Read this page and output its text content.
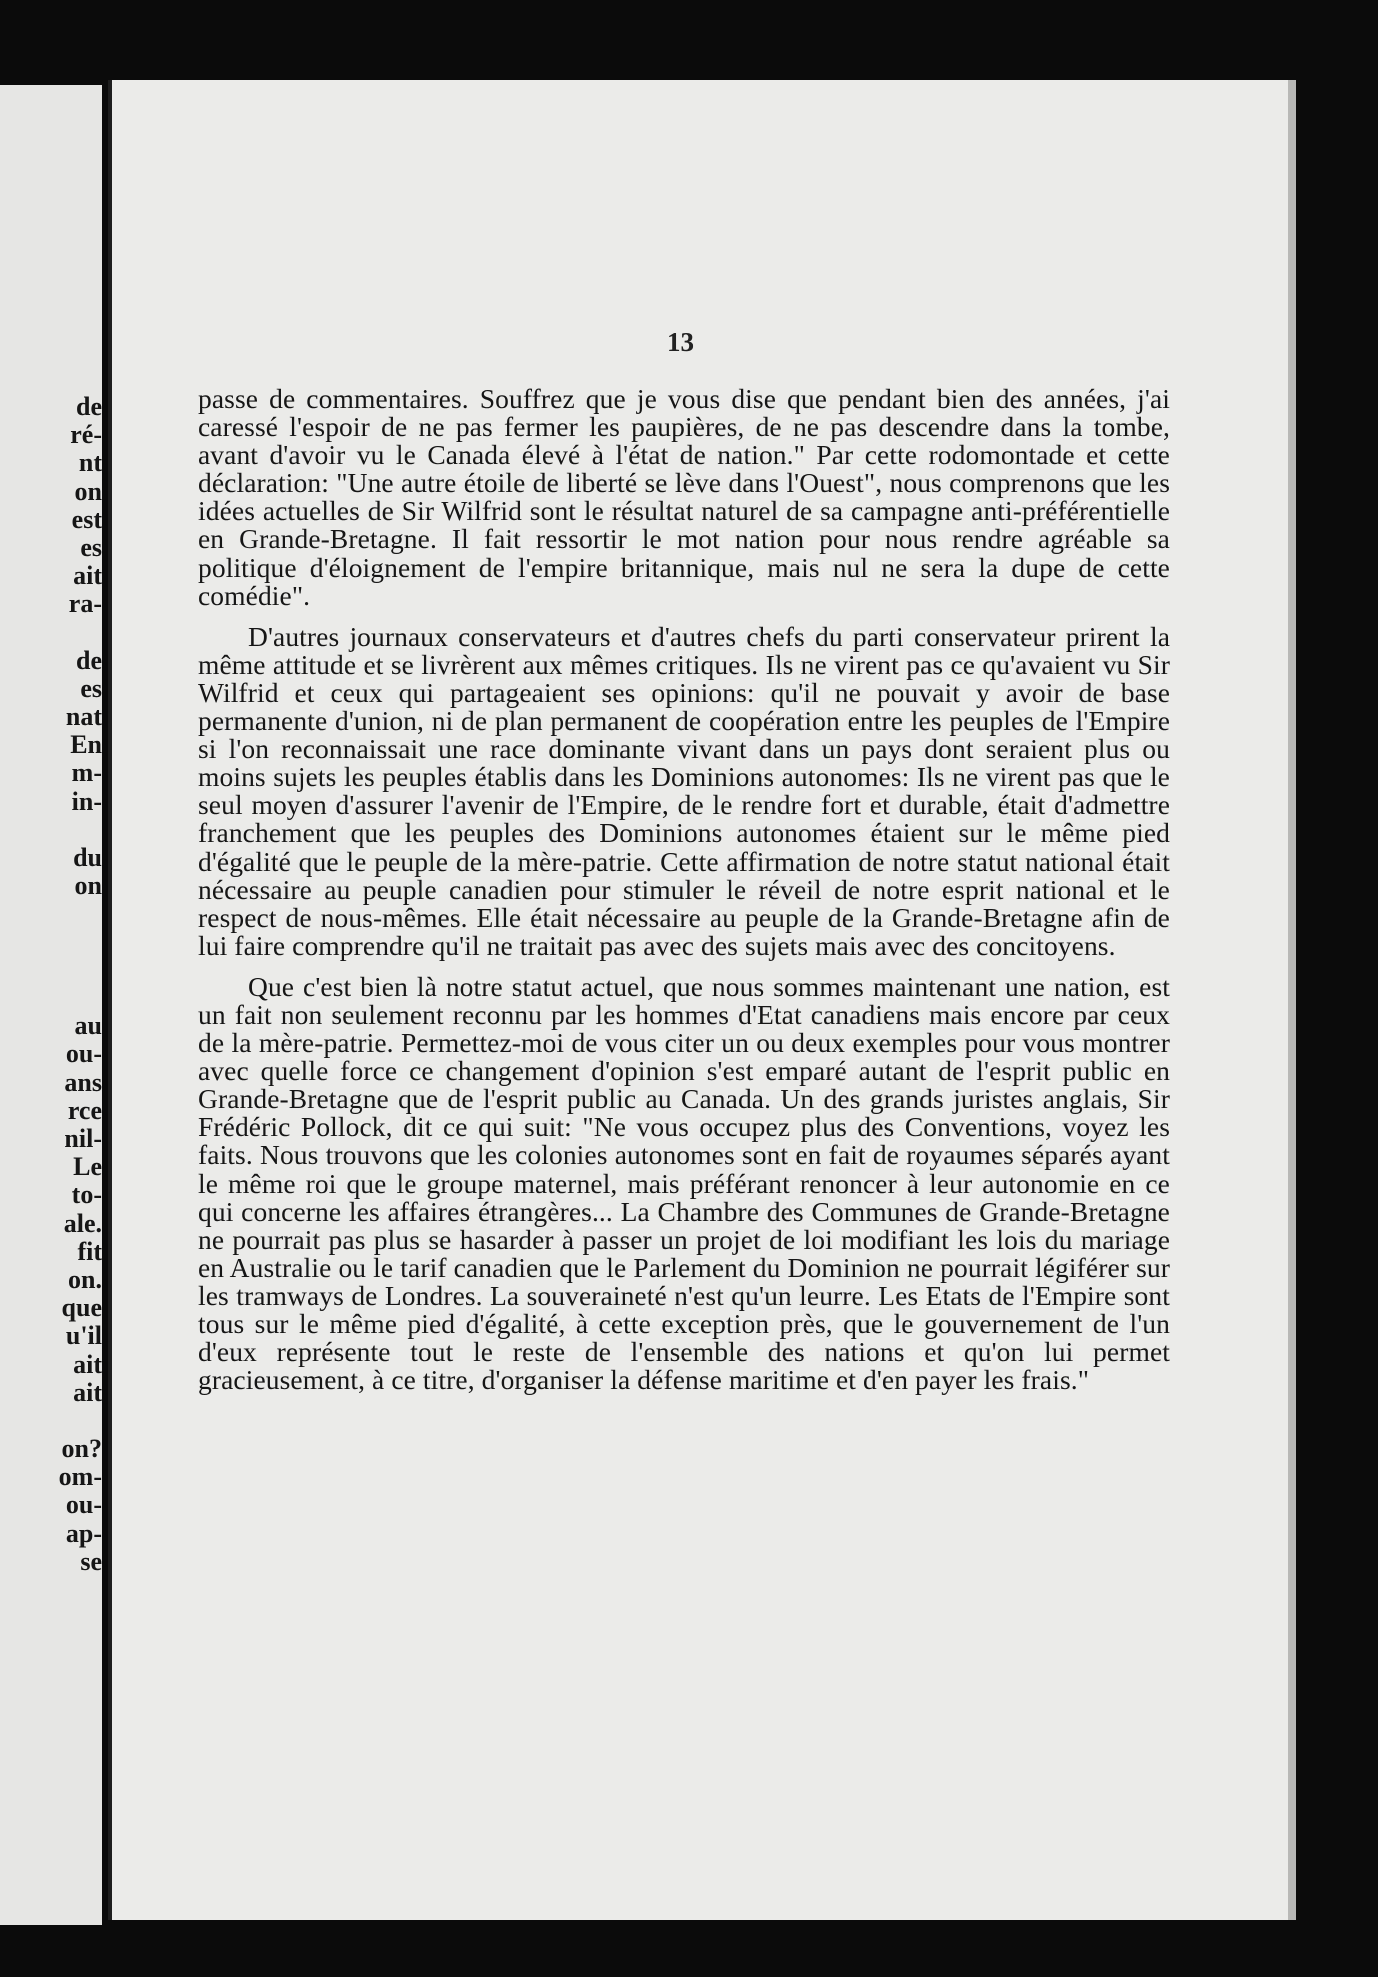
de
ré-
nt
on
est
es
ait
ra-
de
es
nat
En
m-
in-
du
on
au
ou-
ans
rce
nil-
Le
to-
ale.
fit
on.
que
u'il
ait
ait
on?
om-
ou-
ap-
se
13

passe de commentaires. Souffrez que je vous dise que pendant bien des années, j'ai caressé l'espoir de ne pas fermer les paupières, de ne pas descendre dans la tombe, avant d'avoir vu le Canada élevé à l'état de nation." Par cette rodomontade et cette déclaration: "Une autre étoile de liberté se lève dans l'Ouest", nous comprenons que les idées actuelles de Sir Wilfrid sont le résultat naturel de sa campagne anti-préférentielle en Grande-Bretagne. Il fait ressortir le mot nation pour nous rendre agréable sa politique d'éloignement de l'empire britannique, mais nul ne sera la dupe de cette comédie".

D'autres journaux conservateurs et d'autres chefs du parti conservateur prirent la même attitude et se livrèrent aux mêmes critiques. Ils ne virent pas ce qu'avaient vu Sir Wilfrid et ceux qui partageaient ses opinions: qu'il ne pouvait y avoir de base permanente d'union, ni de plan permanent de coopération entre les peuples de l'Empire si l'on reconnaissait une race dominante vivant dans un pays dont seraient plus ou moins sujets les peuples établis dans les Dominions autonomes: Ils ne virent pas que le seul moyen d'assurer l'avenir de l'Empire, de le rendre fort et durable, était d'admettre franchement que les peuples des Dominions autonomes étaient sur le même pied d'égalité que le peuple de la mère-patrie. Cette affirmation de notre statut national était nécessaire au peuple canadien pour stimuler le réveil de notre esprit national et le respect de nous-mêmes. Elle était nécessaire au peuple de la Grande-Bretagne afin de lui faire comprendre qu'il ne traitait pas avec des sujets mais avec des concitoyens.

Que c'est bien là notre statut actuel, que nous sommes maintenant une nation, est un fait non seulement reconnu par les hommes d'Etat canadiens mais encore par ceux de la mère-patrie. Permettez-moi de vous citer un ou deux exemples pour vous montrer avec quelle force ce changement d'opinion s'est emparé autant de l'esprit public en Grande-Bretagne que de l'esprit public au Canada. Un des grands juristes anglais, Sir Frédéric Pollock, dit ce qui suit: "Ne vous occupez plus des Conventions, voyez les faits. Nous trouvons que les colonies autonomes sont en fait de royaumes séparés ayant le même roi que le groupe maternel, mais préférant renoncer à leur autonomie en ce qui concerne les affaires étrangères... La Chambre des Communes de Grande-Bretagne ne pourrait pas plus se hasarder à passer un projet de loi modifiant les lois du mariage en Australie ou le tarif canadien que le Parlement du Dominion ne pourrait légiférer sur les tramways de Londres. La souveraineté n'est qu'un leurre. Les Etats de l'Empire sont tous sur le même pied d'égalité, à cette exception près, que le gouvernement de l'un d'eux représente tout le reste de l'ensemble des nations et qu'on lui permet gracieusement, à ce titre, d'organiser la défense maritime et d'en payer les frais."
